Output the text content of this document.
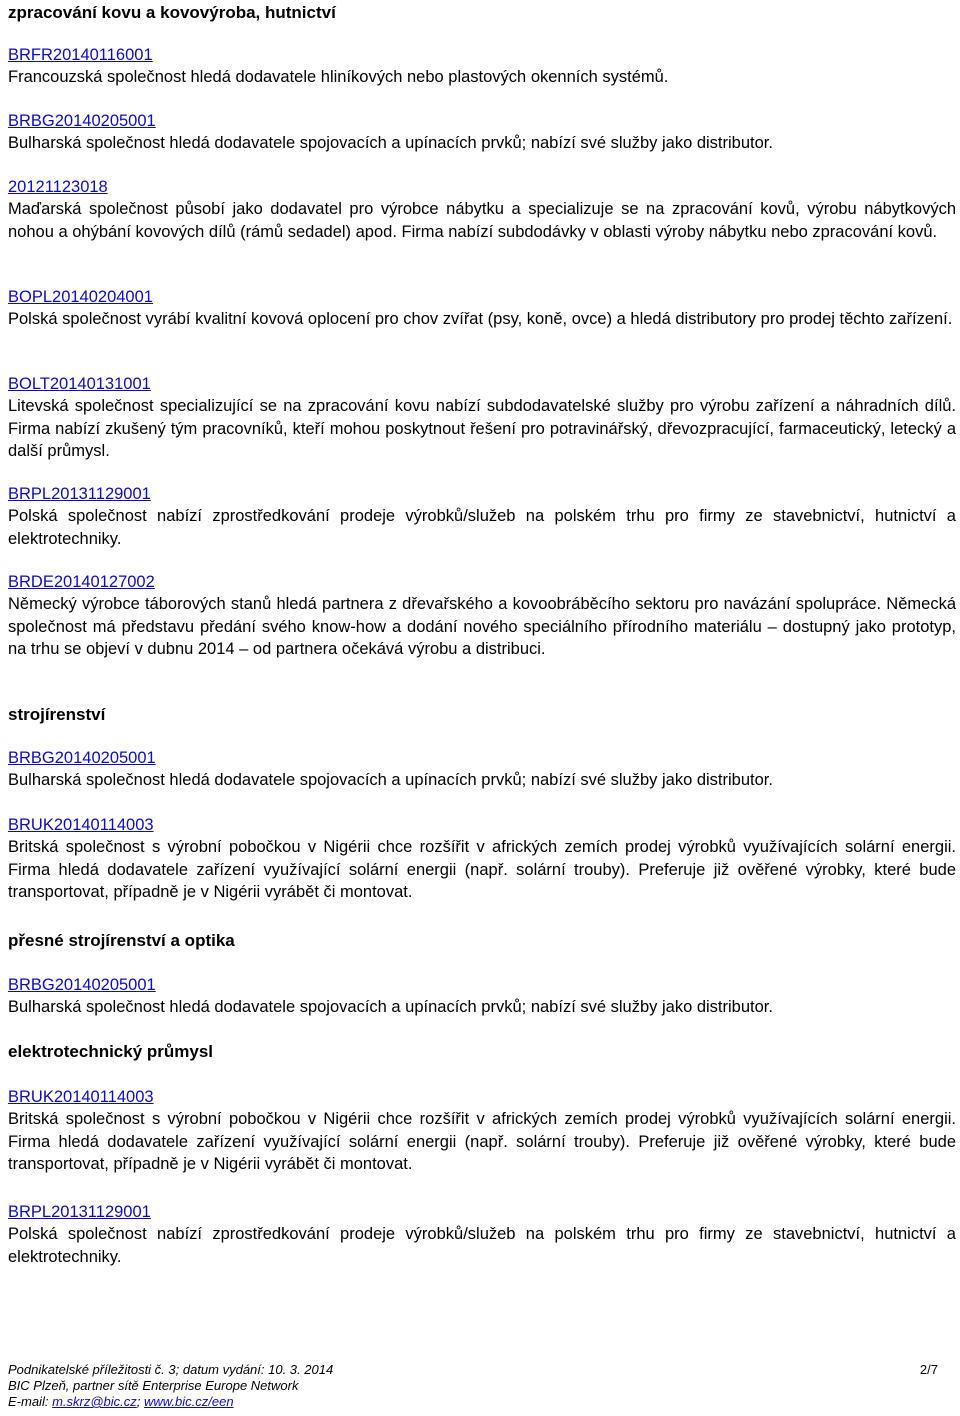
zpracování kovu a kovovýroba, hutnictví
BRFR20140116001
Francouzská společnost hledá dodavatele hliníkových nebo plastových okenních systémů.
BRBG20140205001
Bulharská společnost hledá dodavatele spojovacích a upínacích prvků; nabízí své služby jako distributor.
20121123018
Maďarská společnost působí jako dodavatel pro výrobce nábytku a specializuje se na zpracování kovů, výrobu nábytkových nohou a ohýbání kovových dílů (rámů sedadel) apod. Firma nabízí subdodávky v oblasti výroby nábytku nebo zpracování kovů.
BOPL20140204001
Polská společnost vyrábí kvalitní kovová oplocení pro chov zvířat (psy, koně, ovce) a hledá distributory pro prodej těchto zařízení.
BOLT20140131001
Litevská společnost specializující se na zpracování kovu nabízí subdodavatelské služby pro výrobu zařízení a náhradních dílů. Firma nabízí zkušený tým pracovníků, kteří mohou poskytnout řešení pro potravinářský, dřevozpracující, farmaceutický, letecký a další průmysl.
BRPL20131129001
Polská společnost nabízí zprostředkování prodeje výrobků/služeb na polském trhu pro firmy ze stavebnictví, hutnictví a elektrotechniky.
BRDE20140127002
Německý výrobce táborových stanů hledá partnera z dřevařského a kovoobráběcího sektoru pro navázání spolupráce. Německá společnost má představu předání svého know-how a dodání nového speciálního přírodního materiálu – dostupný jako prototyp, na trhu se objeví v dubnu 2014 – od partnera očekává výrobu a distribuci.
strojírenství
BRBG20140205001
Bulharská společnost hledá dodavatele spojovacích a upínacích prvků; nabízí své služby jako distributor.
BRUK20140114003
Britská společnost s výrobní pobočkou v Nigérii chce rozšířit v afrických zemích prodej výrobků využívajících solární energii. Firma hledá dodavatele zařízení využívající solární energii (např. solární trouby). Preferuje již ověřené výrobky, které bude transportovat, případně je v Nigérii vyrábět či montovat.
přesné strojírenství a optika
BRBG20140205001
Bulharská společnost hledá dodavatele spojovacích a upínacích prvků; nabízí své služby jako distributor.
elektrotechnický průmysl
BRUK20140114003
Britská společnost s výrobní pobočkou v Nigérii chce rozšířit v afrických zemích prodej výrobků využívajících solární energii. Firma hledá dodavatele zařízení využívající solární energii (např. solární trouby). Preferuje již ověřené výrobky, které bude transportovat, případně je v Nigérii vyrábět či montovat.
BRPL20131129001
Polská společnost nabízí zprostředkování prodeje výrobků/služeb na polském trhu pro firmy ze stavebnictví, hutnictví a elektrotechniky.
Podnikatelské příležitosti č. 3; datum vydání: 10. 3. 2014	2/7
BIC Plzeň, partner sítě Enterprise Europe Network
E-mail: m.skrz@bic.cz; www.bic.cz/een
